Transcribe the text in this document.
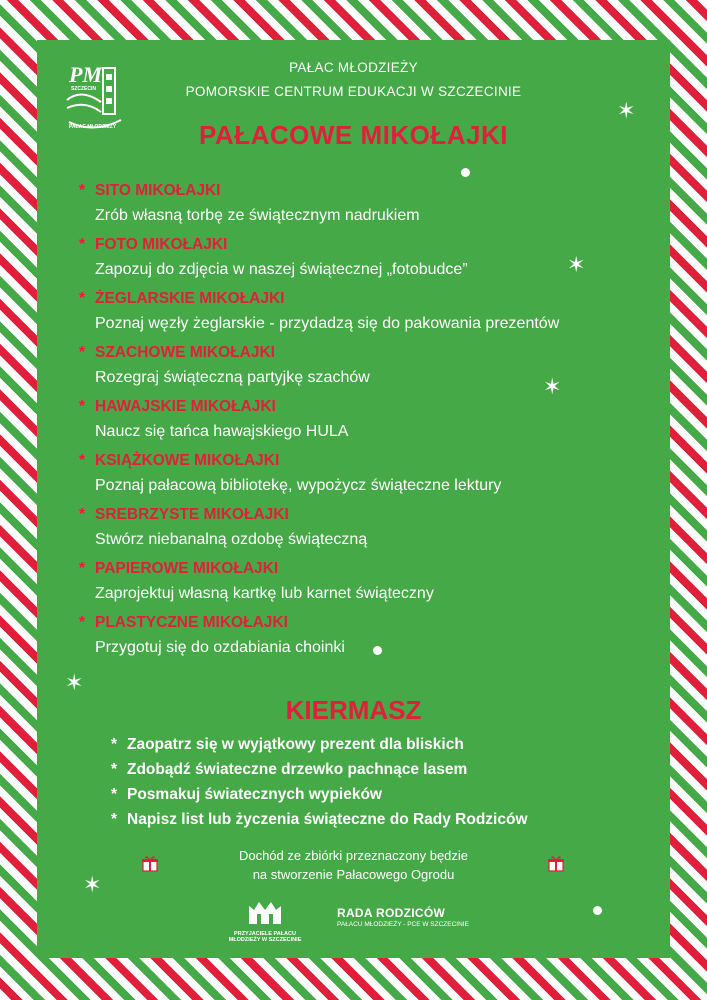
PM
SZCZECIN
PAŁAC MŁODZIEŻY
PAŁAC MŁODZIEŻY
POMORSKIE CENTRUM EDUKACJI W SZCZECINIE
PAŁACOWE MIKOŁAJKI
* SITO MIKOŁAJKI
Zrób własną torbę ze świątecznym nadrukiem
* FOTO MIKOŁAJKI
Zapozuj do zdjęcia w naszej świątecznej „fotobudce”
* ŻEGLARSKIE MIKOŁAJKI
Poznaj węzły żeglarskie - przydadzą się do pakowania prezentów
* SZACHOWE MIKOŁAJKI
Rozegraj świąteczną partyjkę szachów
* HAWAJSKIE MIKOŁAJKI
Naucz się tańca hawajskiego HULA
* KSIĄŻKOWE MIKOŁAJKI
Poznaj pałacową bibliotekę, wypożycz świąteczne lektury
* SREBRZYSTE MIKOŁAJKI
Stwórz niebanalną ozdobę świąteczną
* PAPIEROWE MIKOŁAJKI
Zaprojektuj własną kartkę lub karnet świąteczny
* PLASTYCZNE MIKOŁAJKI
Przygotuj się do ozdabiania choinki
KIERMASZ
* Zaopatrz się w wyjątkowy prezent dla bliskich
* Zdobądź świateczne drzewko pachnące lasem
* Posmakuj światecznych wypieków
* Napisz list lub życzenia świąteczne do Rady Rodziców
Dochód ze zbiórki przeznaczony będzie
na stworzenie Pałacowego Ogrodu
✶
✶
✶
✶
✶
PRZYJACIELE PAŁACU
MŁODZIEŻY W SZCZECINIE
RADA RODZICÓW
PAŁACU MŁODZIEŻY - PCE W SZCZECINIE
